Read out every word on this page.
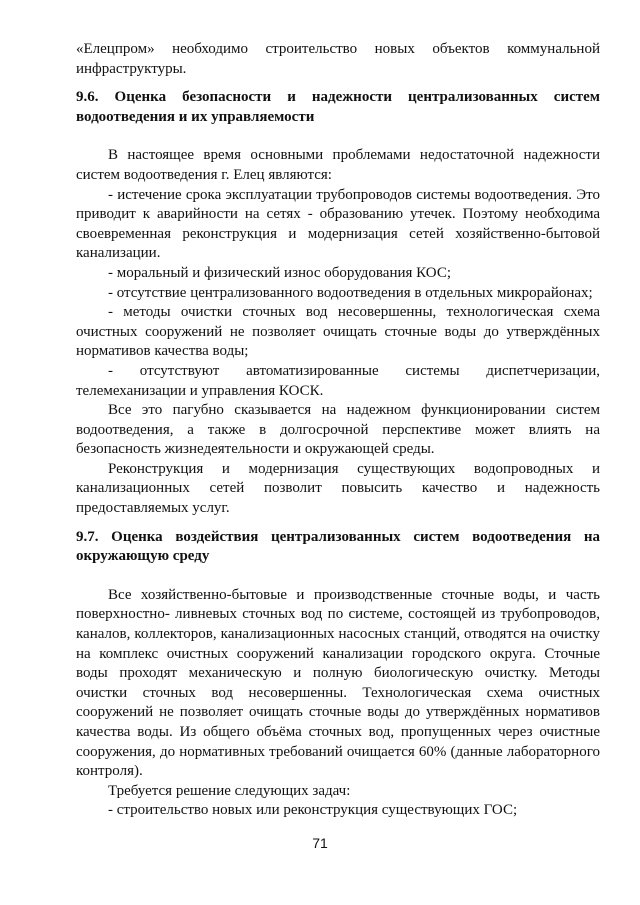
«Елецпром» необходимо строительство новых объектов коммунальной инфраструктуры.

9.6. Оценка безопасности и надежности централизованных систем водоотведения и их управляемости

В настоящее время основными проблемами недостаточной надежности систем водоотведения г. Елец являются:

- истечение срока эксплуатации трубопроводов системы водоотведения. Это приводит к аварийности на сетях - образованию утечек. Поэтому необходима своевременная реконструкция и модернизация сетей хозяйственно-бытовой канализации.

- моральный и физический износ оборудования КОС;

- отсутствие централизованного водоотведения в отдельных микрорайонах;

- методы очистки сточных вод несовершенны, технологическая схема очистных сооружений не позволяет очищать сточные воды до утверждённых нормативов качества воды;

- отсутствуют автоматизированные системы диспетчеризации, телемеханизации и управления КОСК.

Все это пагубно сказывается на надежном функционировании систем водоотведения, а также в долгосрочной перспективе может влиять на безопасность жизнедеятельности и окружающей среды.

Реконструкция и модернизация существующих водопроводных и канализационных сетей позволит повысить качество и надежность предоставляемых услуг.

9.7. Оценка воздействия централизованных систем водоотведения на окружающую среду

Все хозяйственно-бытовые и производственные сточные воды, и часть поверхностно- ливневых сточных вод по системе, состоящей из трубопроводов, каналов, коллекторов, канализационных насосных станций, отводятся на очистку на комплекс очистных сооружений канализации городского округа. Сточные воды проходят механическую и полную биологическую очистку. Методы очистки сточных вод несовершенны. Технологическая схема очистных сооружений не позволяет очищать сточные воды до утверждённых нормативов качества воды. Из общего объёма сточных вод, пропущенных через очистные сооружения, до нормативных требований очищается 60% (данные лабораторного контроля).

Требуется решение следующих задач:

- строительство новых или реконструкция существующих ГОС;

71
